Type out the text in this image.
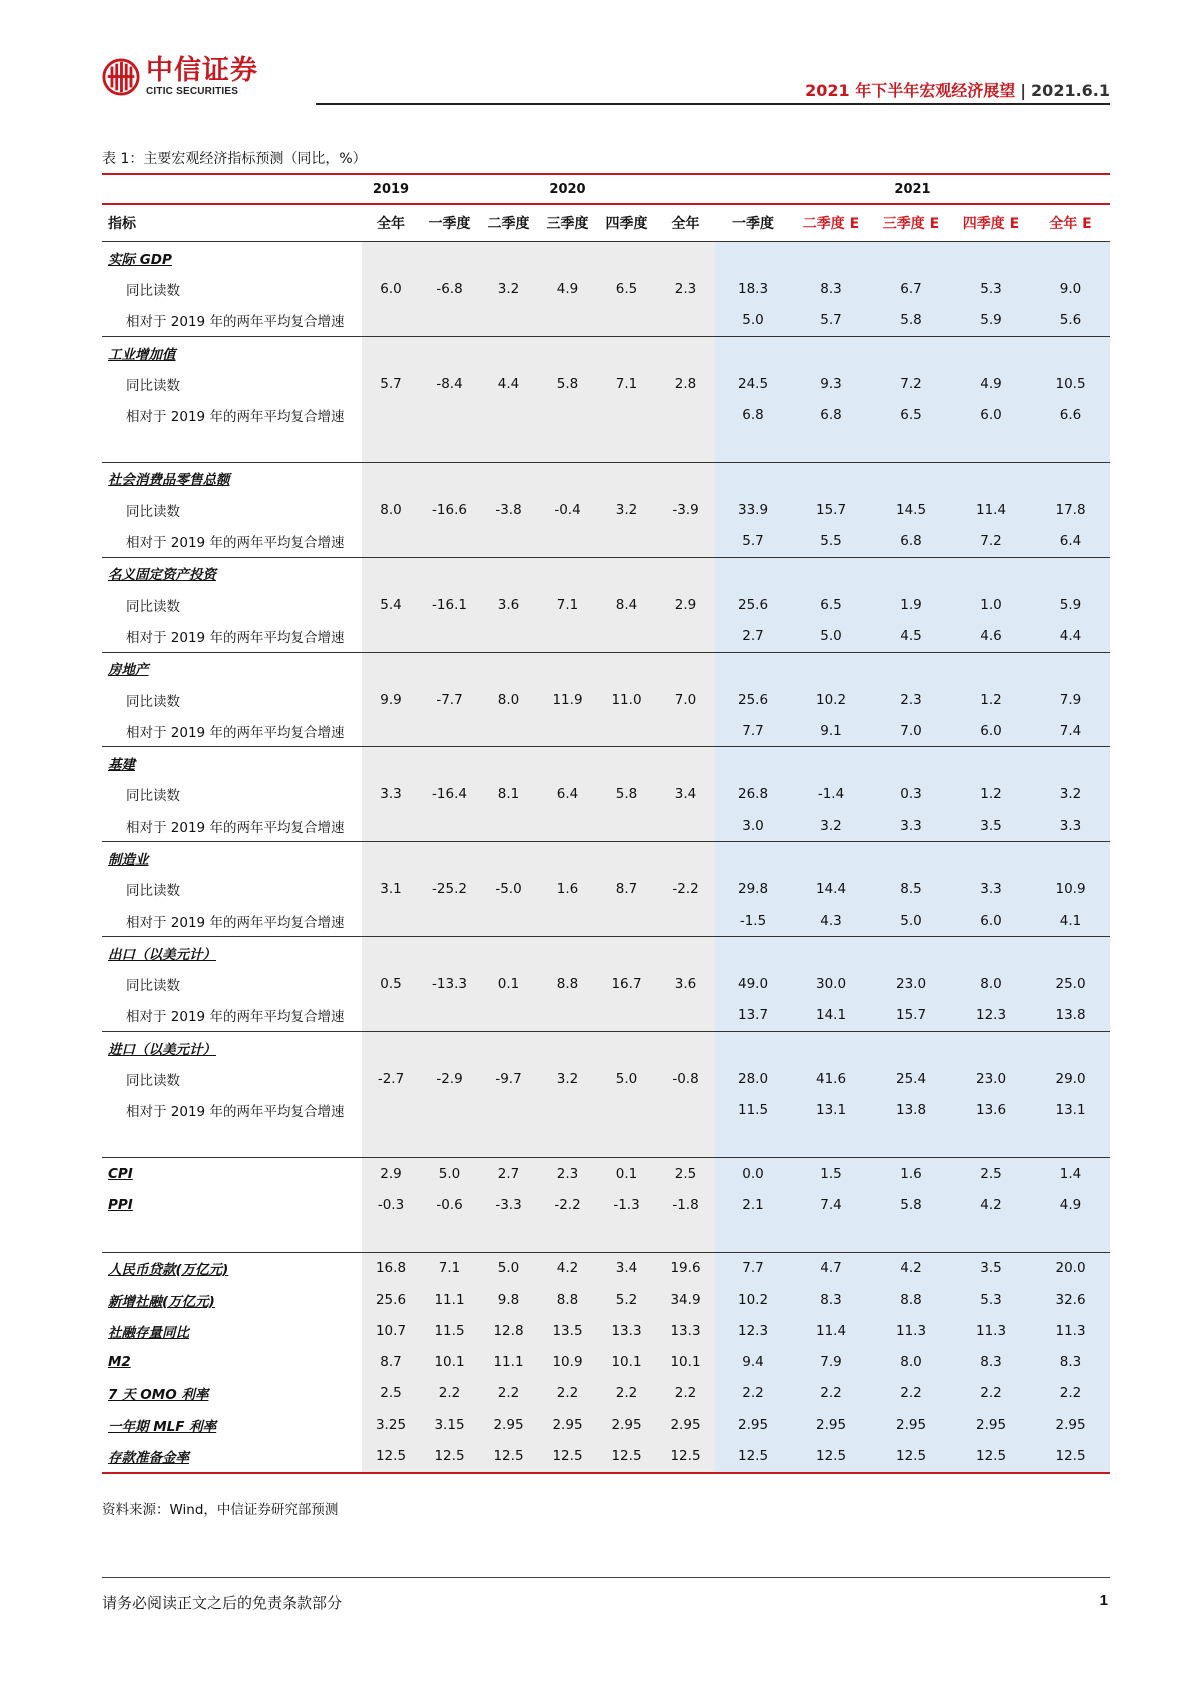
中信证券
CITIC SECURITIES	2021 年下半年宏观经济展望 | 2021.6.1
表 1：主要宏观经济指标预测（同比，%）
	2019	2020					2021				
指标	全年	一季度	二季度	三季度	四季度	全年	一季度	二季度 E	三季度 E	四季度 E	全年 E
实际 GDP											
同比读数	6.0	-6.8	3.2	4.9	6.5	2.3	18.3	8.3	6.7	5.3	9.0
相对于 2019 年的两年平均复合增速							5.0	5.7	5.8	5.9	5.6
工业增加值											
同比读数	5.7	-8.4	4.4	5.8	7.1	2.8	24.5	9.3	7.2	4.9	10.5
相对于 2019 年的两年平均复合增速							6.8	6.8	6.5	6.0	6.6

社会消费品零售总额											
同比读数	8.0	-16.6	-3.8	-0.4	3.2	-3.9	33.9	15.7	14.5	11.4	17.8
相对于 2019 年的两年平均复合增速							5.7	5.5	6.8	7.2	6.4
名义固定资产投资											
同比读数	5.4	-16.1	3.6	7.1	8.4	2.9	25.6	6.5	1.9	1.0	5.9
相对于 2019 年的两年平均复合增速							2.7	5.0	4.5	4.6	4.4
房地产											
同比读数	9.9	-7.7	8.0	11.9	11.0	7.0	25.6	10.2	2.3	1.2	7.9
相对于 2019 年的两年平均复合增速							7.7	9.1	7.0	6.0	7.4
基建											
同比读数	3.3	-16.4	8.1	6.4	5.8	3.4	26.8	-1.4	0.3	1.2	3.2
相对于 2019 年的两年平均复合增速							3.0	3.2	3.3	3.5	3.3
制造业											
同比读数	3.1	-25.2	-5.0	1.6	8.7	-2.2	29.8	14.4	8.5	3.3	10.9
相对于 2019 年的两年平均复合增速							-1.5	4.3	5.0	6.0	4.1
出口（以美元计）											
同比读数	0.5	-13.3	0.1	8.8	16.7	3.6	49.0	30.0	23.0	8.0	25.0
相对于 2019 年的两年平均复合增速							13.7	14.1	15.7	12.3	13.8
进口（以美元计）											
同比读数	-2.7	-2.9	-9.7	3.2	5.0	-0.8	28.0	41.6	25.4	23.0	29.0
相对于 2019 年的两年平均复合增速							11.5	13.1	13.8	13.6	13.1

CPI	2.9	5.0	2.7	2.3	0.1	2.5	0.0	1.5	1.6	2.5	1.4
PPI	-0.3	-0.6	-3.3	-2.2	-1.3	-1.8	2.1	7.4	5.8	4.2	4.9

人民币贷款(万亿元)	16.8	7.1	5.0	4.2	3.4	19.6	7.7	4.7	4.2	3.5	20.0
新增社融(万亿元)	25.6	11.1	9.8	8.8	5.2	34.9	10.2	8.3	8.8	5.3	32.6
社融存量同比	10.7	11.5	12.8	13.5	13.3	13.3	12.3	11.4	11.3	11.3	11.3
M2	8.7	10.1	11.1	10.9	10.1	10.1	9.4	7.9	8.0	8.3	8.3
7 天 OMO 利率	2.5	2.2	2.2	2.2	2.2	2.2	2.2	2.2	2.2	2.2	2.2
一年期 MLF 利率	3.25	3.15	2.95	2.95	2.95	2.95	2.95	2.95	2.95	2.95	2.95
存款准备金率	12.5	12.5	12.5	12.5	12.5	12.5	12.5	12.5	12.5	12.5	12.5
资料来源：Wind，中信证券研究部预测
请务必阅读正文之后的免责条款部分	1
